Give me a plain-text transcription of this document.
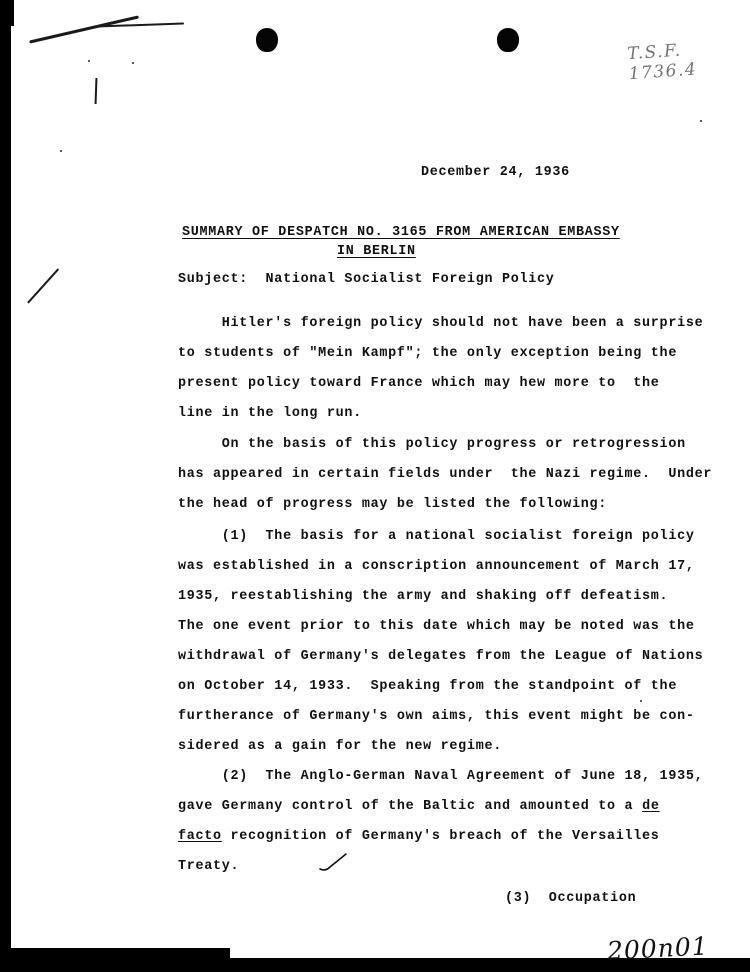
T.S.F. 1736.4
December 24, 1936
SUMMARY OF DESPATCH NO. 3165 FROM AMERICAN EMBASSY
IN BERLIN
Subject:  National Socialist Foreign Policy
Hitler's foreign policy should not have been a surprise
to students of "Mein Kampf"; the only exception being the
present policy toward France which may hew more to  the
line in the long run.
On the basis of this policy progress or retrogression
has appeared in certain fields under  the Nazi regime.  Under
the head of progress may be listed the following:
(1)  The basis for a national socialist foreign policy
was established in a conscription announcement of March 17,
1935, reestablishing the army and shaking off defeatism.
The one event prior to this date which may be noted was the
withdrawal of Germany's delegates from the League of Nations
on October 14, 1933.  Speaking from the standpoint of the
furtherance of Germany's own aims, this event might be con-
sidered as a gain for the new regime.
(2)  The Anglo-German Naval Agreement of June 18, 1935,
gave Germany control of the Baltic and amounted to a de
facto recognition of Germany's breach of the Versailles
Treaty.
(3)  Occupation
200n01
